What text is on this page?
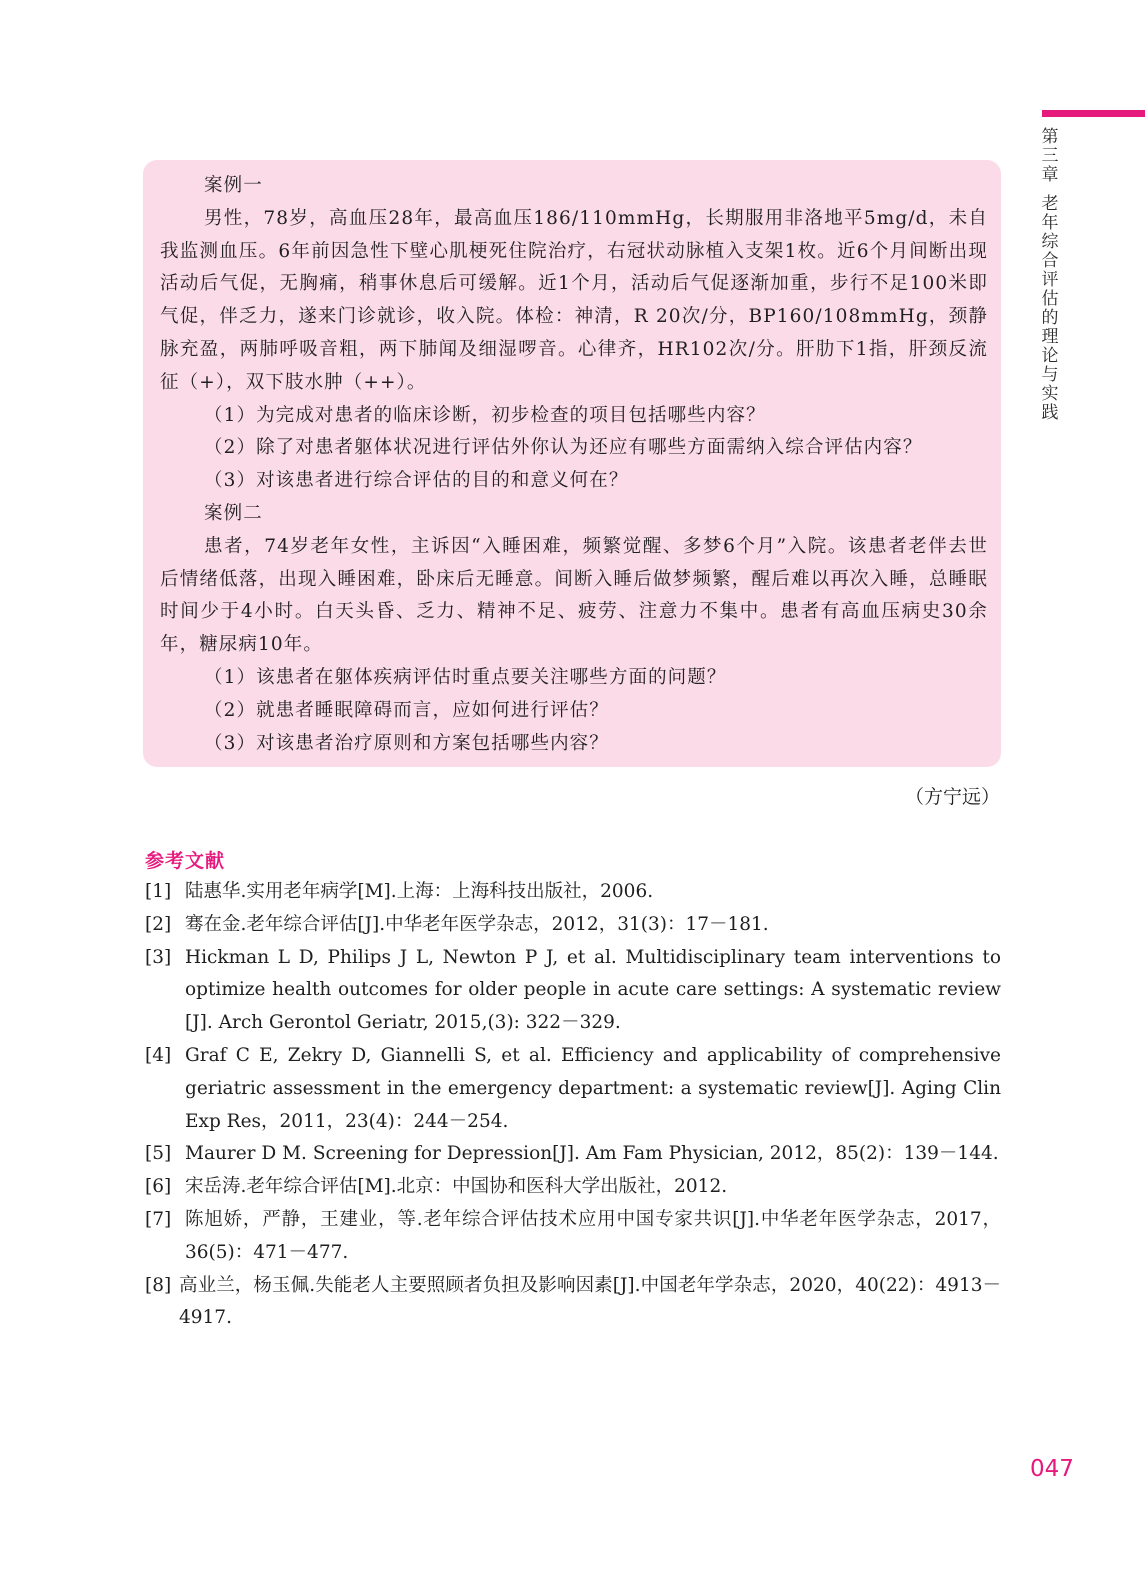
第
三
章
老
年
综
合
评
估
的
理
论
与
实
践

案例一

男性，78岁，高血压28年，最高血压186/110mmHg，长期服用非洛地平5mg/d，未自我监测血压。6年前因急性下壁心肌梗死住院治疗，右冠状动脉植入支架1枚。近6个月间断出现活动后气促，无胸痛，稍事休息后可缓解。近1个月，活动后气促逐渐加重，步行不足100米即气促，伴乏力，遂来门诊就诊，收入院。体检：神清，R 20次/分，BP160/108mmHg，颈静脉充盈，两肺呼吸音粗，两下肺闻及细湿啰音。心律齐，HR102次/分。肝肋下1指，肝颈反流征（+），双下肢水肿（++）。

（1）为完成对患者的临床诊断，初步检查的项目包括哪些内容？

（2）除了对患者躯体状况进行评估外你认为还应有哪些方面需纳入综合评估内容？

（3）对该患者进行综合评估的目的和意义何在？

案例二

患者，74岁老年女性，主诉因“入睡困难，频繁觉醒、多梦6个月”入院。该患者老伴去世后情绪低落，出现入睡困难，卧床后无睡意。间断入睡后做梦频繁，醒后难以再次入睡，总睡眠时间少于4小时。白天头昏、乏力、精神不足、疲劳、注意力不集中。患者有高血压病史30余年，糖尿病10年。

（1）该患者在躯体疾病评估时重点要关注哪些方面的问题？

（2）就患者睡眠障碍而言，应如何进行评估？

（3）对该患者治疗原则和方案包括哪些内容？

（方宁远）
参考文献
[1] 陆惠华.实用老年病学[M].上海：上海科技出版社，2006.
[2] 骞在金.老年综合评估[J].中华老年医学杂志，2012，31(3)：17－181.
[3] Hickman L D, Philips J L, Newton P J, et al. Multidisciplinary team interventions to optimize health outcomes for older people in acute care settings: A systematic review [J]. Arch Gerontol Geriatr, 2015,(3): 322－329.
[4] Graf C E, Zekry D, Giannelli S, et al. Efficiency and applicability of comprehensive geriatric assessment in the emergency department: a systematic review[J]. Aging Clin Exp Res，2011，23(4)：244－254.
[5] Maurer D M. Screening for Depression[J]. Am Fam Physician, 2012，85(2)：139－144.
[6] 宋岳涛.老年综合评估[M].北京：中国协和医科大学出版社，2012.
[7] 陈旭娇，严静，王建业，等.老年综合评估技术应用中国专家共识[J].中华老年医学杂志，2017，36(5)：471－477.
[8] 高业兰，杨玉佩.失能老人主要照顾者负担及影响因素[J].中国老年学杂志，2020，40(22)：4913－4917.
047
